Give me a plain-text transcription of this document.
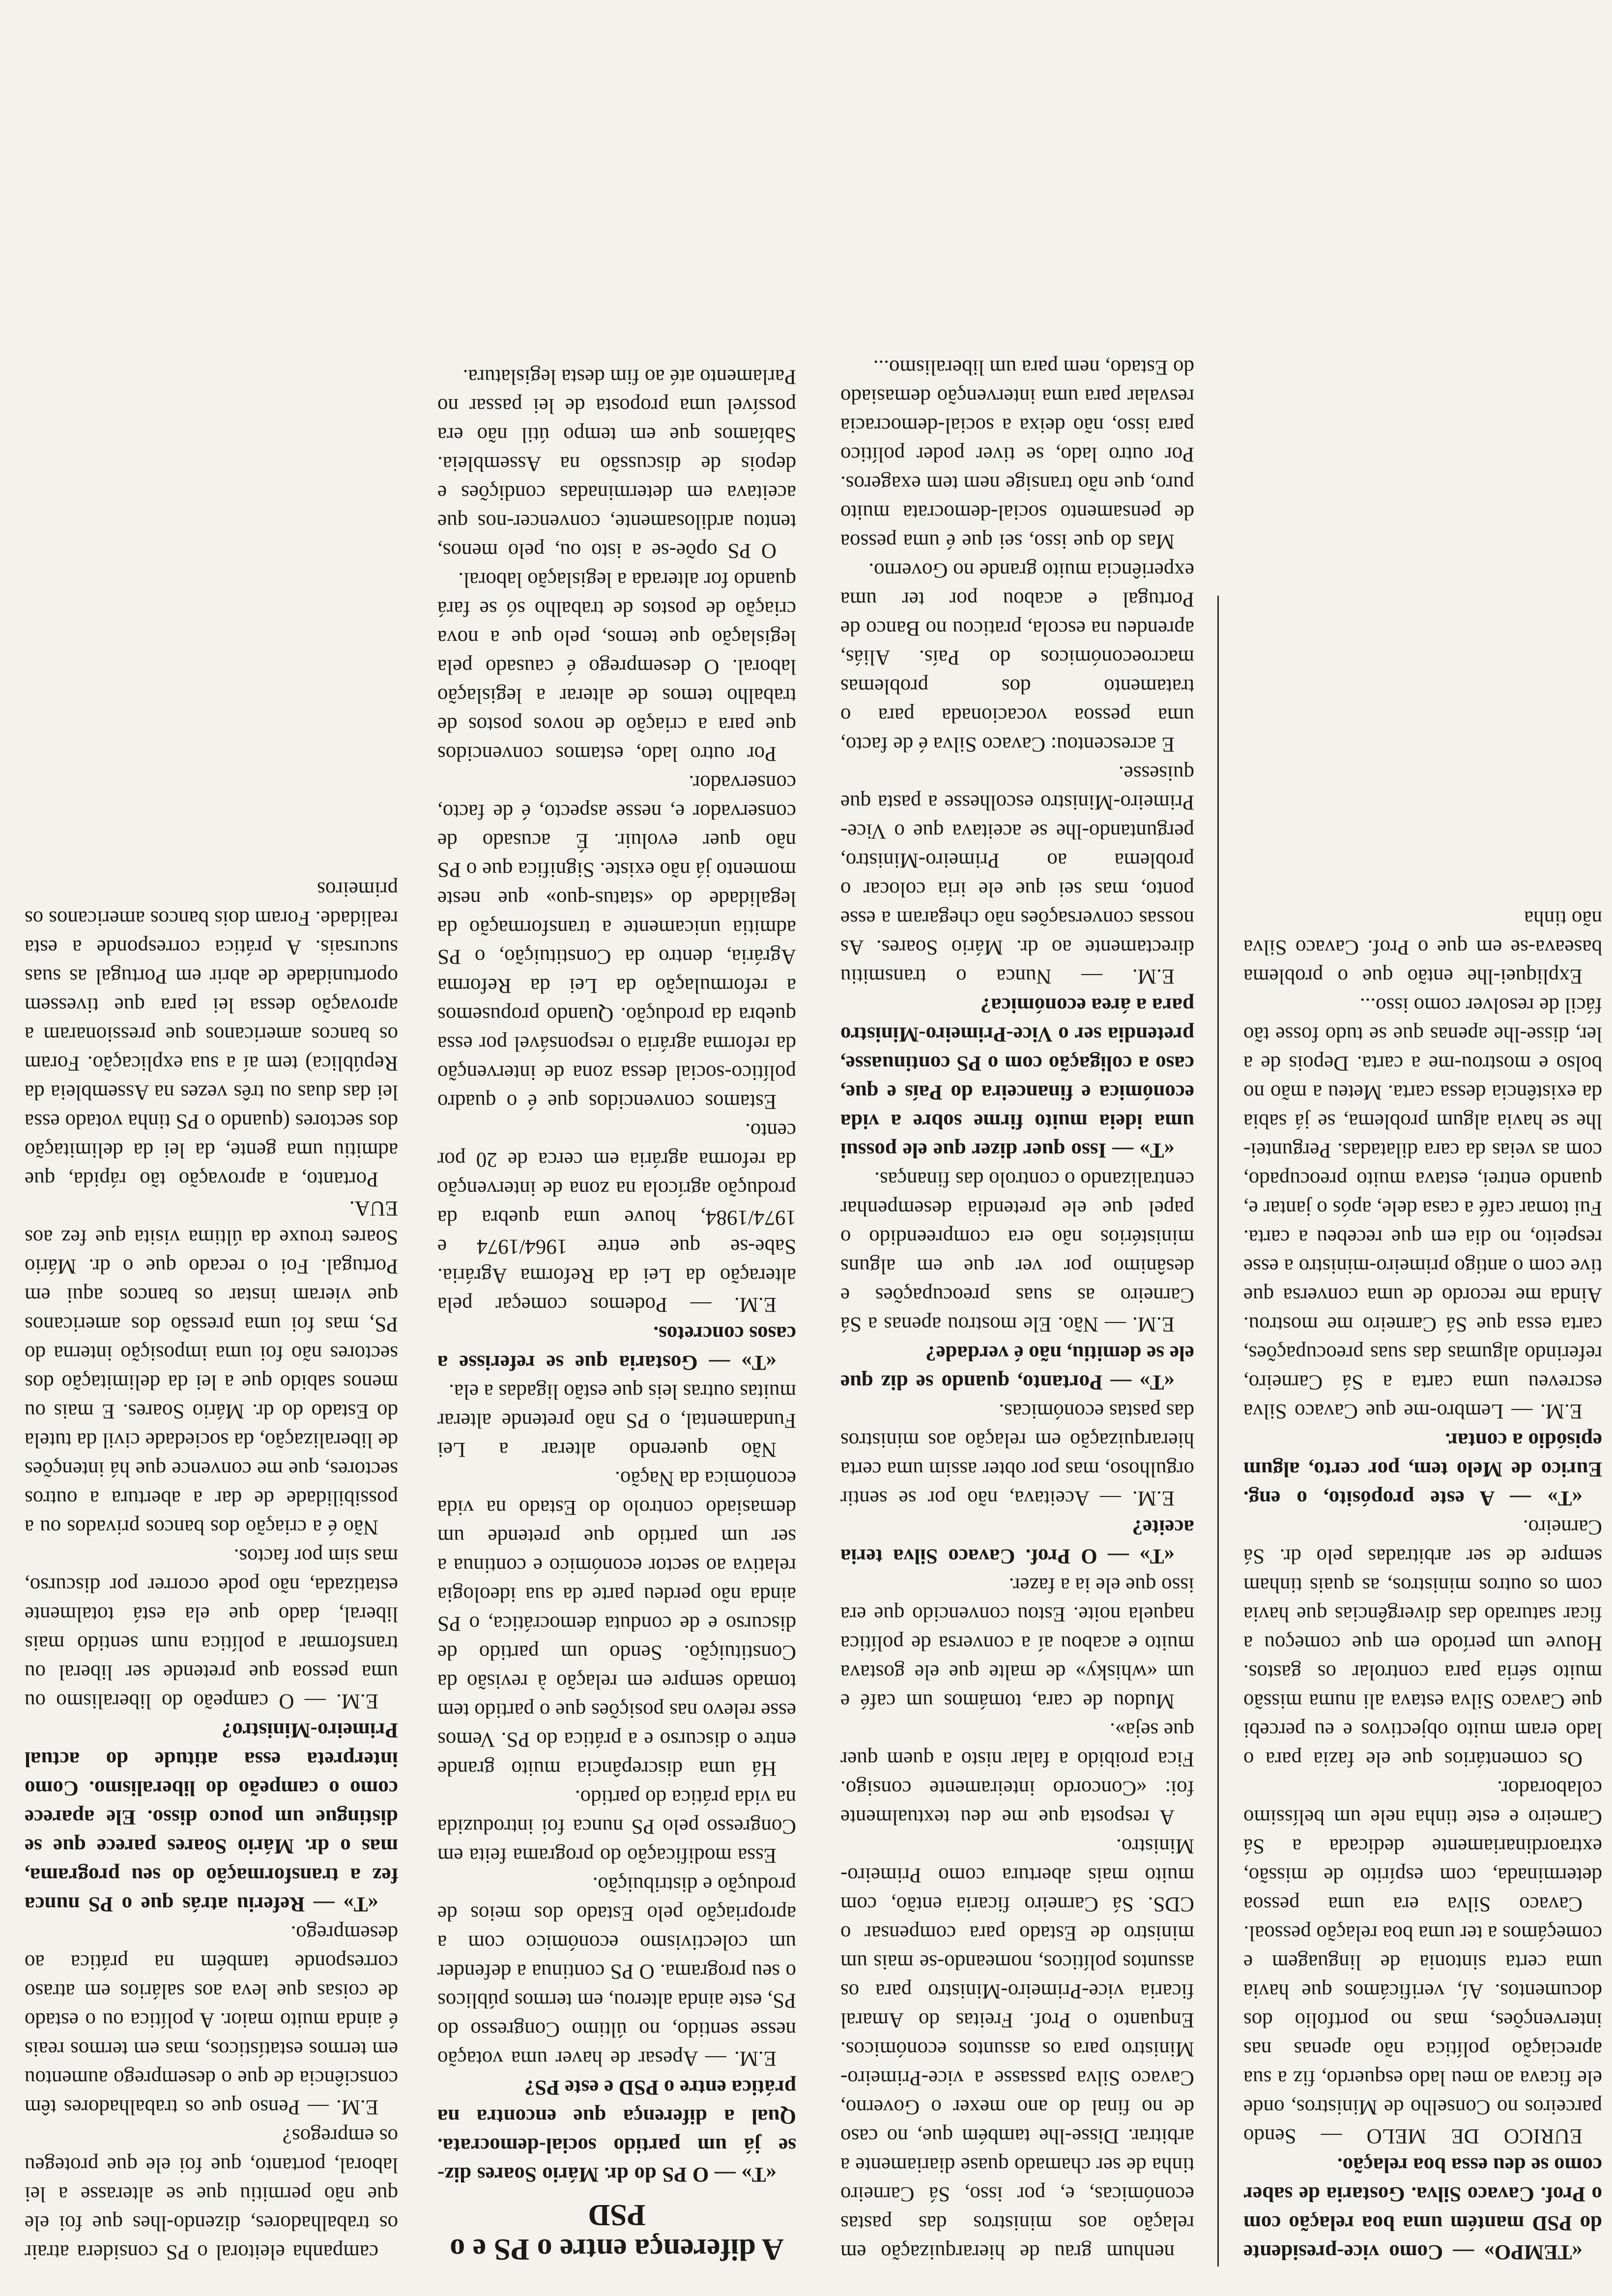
«TEMPO» — Como vice-presidente do PSD mantém uma boa relação com o Prof. Cavaco Silva. Gostaria de saber como se deu essa boa relação.

EURICO DE MELO — Sendo parceiros no Conselho de Ministros, onde ele ficava ao meu lado esquerdo, fiz a sua apreciação política não apenas nas intervenções, mas no portfolio dos documentos. Aí, verificámos que havia uma certa sintonia de linguagem e começámos a ter uma boa relação pessoal.

Cavaco Silva era uma pessoa determinada, com espírito de missão, extraordinariamente dedicada a Sá Carneiro e este tinha nele um belíssimo colaborador.

Os comentários que ele fazia para o lado eram muito objectivos e eu percebi que Cavaco Silva estava ali numa missão muito séria para controlar os gastos. Houve um período em que começou a ficar saturado das divergências que havia com os outros ministros, as quais tinham sempre de ser arbitradas pelo dr. Sá Carneiro.

«T» — A este propósito, o eng. Eurico de Melo tem, por certo, algum episódio a contar.

E.M. — Lembro-me que Cavaco Silva escreveu uma carta a Sá Carneiro, referindo algumas das suas preocupações, carta essa que Sá Carneiro me mostrou. Ainda me recordo de uma conversa que tive com o antigo primeiro-ministro a esse respeito, no dia em que recebeu a carta. Fui tomar café a casa dele, após o jantar e, quando entrei, estava muito preocupado, com as veias da cara dilatadas. Perguntei-lhe se havia algum problema, se já sabia da existência dessa carta. Meteu a mão no bolso e mostrou-me a carta. Depois de a ler, disse-lhe apenas que se tudo fosse tão fácil de resolver como isso...

Expliquei-lhe então que o problema baseava-se em que o Prof. Cavaco Silva não tinha

nenhum grau de hierarquização em relação aos ministros das pastas económicas, e, por isso, Sá Carneiro tinha de ser chamado quase diariamente a arbitrar. Disse-lhe também que, no caso de no final do ano mexer o Governo, Cavaco Silva passasse a vice-Primeiro-Ministro para os assuntos económicos. Enquanto o Prof. Freitas do Amaral ficaria vice-Primeiro-Ministro para os assuntos políticos, nomeando-se mais um ministro de Estado para compensar o CDS. Sá Carneiro ficaria então, com muito mais abertura como Primeiro-Ministro.

A resposta que me deu textualmente foi: «Concordo inteiramente consigo. Fica proibido a falar nisto a quem quer que seja».

Mudou de cara, tomámos um café e um «whisky» de malte que ele gostava muito e acabou aí a conversa de política naquela noite. Estou convencido que era isso que ele ia a fazer.

«T» — O Prof. Cavaco Silva teria aceite?

E.M. — Aceitava, não por se sentir orgulhoso, mas por obter assim uma certa hierarquização em relação aos ministros das pastas económicas.

«T» — Portanto, quando se diz que ele se demitiu, não é verdade?

E.M. — Não. Ele mostrou apenas a Sá Carneiro as suas preocupações e desânimo por ver que em alguns ministérios não era compreendido o papel que ele pretendia desempenhar centralizando o controlo das finanças.

«T» — Isso quer dizer que ele possui uma ideia muito firme sobre a vida económica e financeira do País e que, caso a coligação com o PS continuasse, pretendia ser o Vice-Primeiro-Ministro para a área económica?

E.M. — Nunca o transmitiu directamente ao dr. Mário Soares. As nossas conversações não chegaram a esse ponto, mas sei que ele iria colocar o problema ao Primeiro-Ministro, perguntando-lhe se aceitava que o Vice-Primeiro-Ministro escolhesse a pasta que quisesse.

E acrescentou: Cavaco Silva é de facto, uma pessoa vocacionada para o tratamento dos problemas macroeconómicos do País. Aliás, aprendeu na escola, praticou no Banco de Portugal e acabou por ter uma experiência muito grande no Governo.

Mas do que isso, sei que é uma pessoa de pensamento social-democrata muito puro, que não transige nem tem exageros. Por outro lado, se tiver poder político para isso, não deixa a social-democracia resvalar para uma intervenção demasiado do Estado, nem para um liberalismo...

A diferença entre o PS e o PSD

«T» — O PS do dr. Mário Soares diz-se já um partido social-democrata. Qual a diferença que encontra na prática entre o PSD e este PS?

E.M. — Apesar de haver uma votação nesse sentido, no último Congresso do PS, este ainda alterou, em termos públicos o seu programa. O PS continua a defender um colectivismo económico com a apropriação pelo Estado dos meios de produção e distribuição.

Essa modificação do programa feita em Congresso pelo PS nunca foi introduzida na vida prática do partido.

Há uma discrepância muito grande entre o discurso e a prática do PS. Vemos esse relevo nas posições que o partido tem tomado sempre em relação à revisão da Constituição. Sendo um partido de discurso e de conduta democrática, o PS ainda não perdeu parte da sua ideologia relativa ao sector económico e continua a ser um partido que pretende um demasiado controlo do Estado na vida económica da Nação.

Não querendo alterar a Lei Fundamental, o PS não pretende alterar muitas outras leis que estão ligadas a ela.

«T» — Gostaria que se referisse a casos concretos.

E.M. — Podemos começar pela alteração da Lei da Reforma Agrária. Sabe-se que entre 1964/1974 e 1974/1984, houve uma quebra da produção agrícola na zona de intervenção da reforma agrária em cerca de 20 por cento.

Estamos convencidos que é o quadro político-social dessa zona de intervenção da reforma agrária o responsável por essa quebra da produção. Quando propusemos a reformulação da Lei da Reforma Agrária, dentro da Constituição, o PS admitia unicamente a transformação da legalidade do «status-quo» que neste momento já não existe. Significa que o PS não quer evoluir. É acusado de conservador e, nesse aspecto, é de facto, conservador.

Por outro lado, estamos convencidos que para a criação de novos postos de trabalho temos de alterar a legislação laboral. O desemprego é causado pela legislação que temos, pelo que a nova criação de postos de trabalho só se fará quando for alterada a legislação laboral.

O PS opõe-se a isto ou, pelo menos, tentou ardilosamente, convencer-nos que aceitava em determinadas condições e depois de discussão na Assembleia. Sabíamos que em tempo útil não era possível uma proposta de lei passar no Parlamento até ao fim desta legislatura.

campanha eleitoral o PS considera atrair os trabalhadores, dizendo-lhes que foi ele que não permitiu que se alterasse a lei laboral, portanto, que foi ele que protegeu os empregos?

E.M. — Penso que os trabalhadores têm consciência de que o desemprego aumentou em termos estatísticos, mas em termos reais é ainda muito maior. A política ou o estado de coisas que leva aos salários em atraso corresponde também na prática ao desemprego.

«T» — Referiu atrás que o PS nunca fez a transformação do seu programa, mas o dr. Mário Soares parece que se distingue um pouco disso. Ele aparece como o campeão do liberalismo. Como interpreta essa atitude do actual Primeiro-Ministro?

E.M. — O campeão do liberalismo ou uma pessoa que pretende ser liberal ou transformar a política num sentido mais liberal, dado que ela está totalmente estatizada, não pode ocorrer por discurso, mas sim por factos.

Não é a criação dos bancos privados ou a possibilidade de dar a abertura a outros sectores, que me convence que há intenções de liberalização, da sociedade civil da tutela do Estado do dr. Mário Soares. E mais ou menos sabido que a lei da delimitação dos sectores não foi uma imposição interna do PS, mas foi uma pressão dos americanos que vieram instar os bancos aqui em Portugal. Foi o recado que o dr. Mário Soares trouxe da última visita que fez aos EUA.

Portanto, a aprovação tão rápida, que admitiu uma gente, da lei da delimitação dos sectores (quando o PS tinha votado essa lei das duas ou três vezes na Assembleia da República) tem aí a sua explicação. Foram os bancos americanos que pressionaram a aprovação dessa lei para que tivessem oportunidade de abrir em Portugal as suas sucursais. A prática corresponde a esta realidade. Foram dois bancos americanos os primeiros
